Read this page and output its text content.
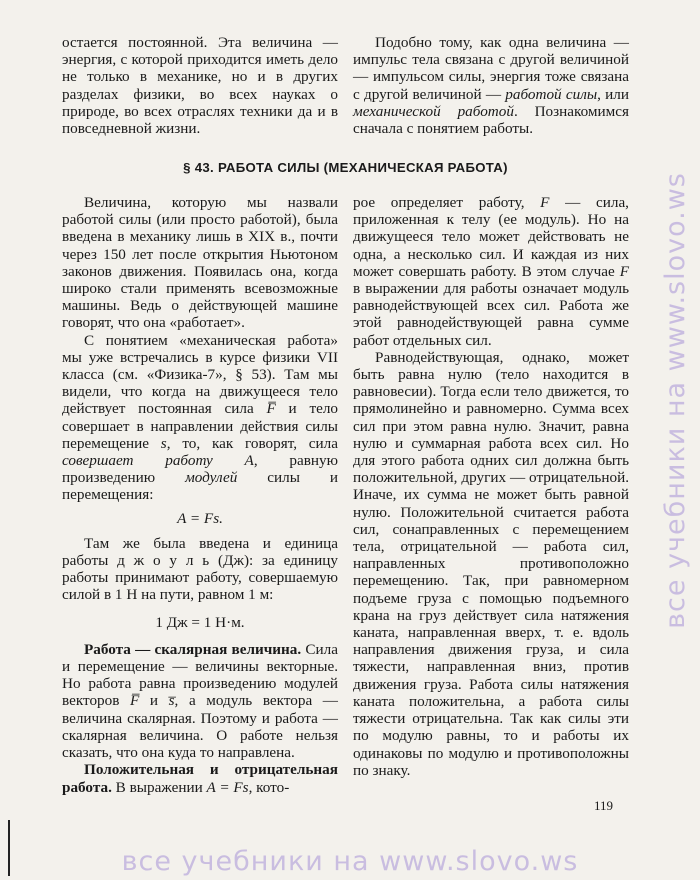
остается постоянной. Эта величина — энергия, с которой приходится иметь дело не только в механике, но и в других разделах физики, во всех науках о природе, во всех отраслях техники да и в повседневной жизни.

Подобно тому, как одна величина — импульс тела связана с другой величиной — импульсом силы, энергия тоже связана с другой величиной — работой силы, или механической работой. Познакомимся сначала с понятием работы.

§ 43. РАБОТА СИЛЫ (МЕХАНИЧЕСКАЯ РАБОТА)

Величина, которую мы назвали работой силы (или просто работой), была введена в механику лишь в XIX в., почти через 150 лет после открытия Ньютоном законов движения. Появилась она, когда широко стали применять всевозможные машины. Ведь о действующей машине говорят, что она «работает».

С понятием «механическая работа» мы уже встречались в курсе физики VII класса (см. «Физика-7», § 53). Там мы видели, что когда на движущееся тело действует постоянная сила F̅ и тело совершает в направлении действия силы перемещение s, то, как говорят, сила совершает работу A, равную произведению модулей силы и перемещения:

A = Fs.

Там же была введена и единица работы д ж о у л ь (Дж): за единицу работы принимают работу, совершаемую силой в 1 Н на пути, равном 1 м:

1 Дж = 1 Н·м.

Работа — скалярная величина. Сила и перемещение — величины векторные. Но работа равна произведению модулей векторов F̅ и s̅, а модуль вектора — величина скалярная. Поэтому и работа — скалярная величина. О работе нельзя сказать, что она куда то направлена.

Положительная и отрицательная работа. В выражении A = Fs, кото-

рое определяет работу, F — сила, приложенная к телу (ее модуль). Но на движущееся тело может действовать не одна, а несколько сил. И каждая из них может совершать работу. В этом случае F в выражении для работы означает модуль равнодействующей всех сил. Работа же этой равнодействующей равна сумме работ отдельных сил.

Равнодействующая, однако, может быть равна нулю (тело находится в равновесии). Тогда если тело движется, то прямолинейно и равномерно. Сумма всех сил при этом равна нулю. Значит, равна нулю и суммарная работа всех сил. Но для этого работа одних сил должна быть положительной, других — отрицательной. Иначе, их сумма не может быть равной нулю. Положительной считается работа сил, сонаправленных с перемещением тела, отрицательной — работа сил, направленных противоположно перемещению. Так, при равномерном подъеме груза с помощью подъемного крана на груз действует сила натяжения каната, направленная вверх, т. е. вдоль направления движения груза, и сила тяжести, направленная вниз, против движения груза. Работа силы натяжения каната положительна, а работа силы тяжести отрицательна. Так как силы эти по модулю равны, то и работы их одинаковы по модулю и противоположны по знаку.

119
все учебники на www.slovo.ws
все учебники на www.slovo.ws
